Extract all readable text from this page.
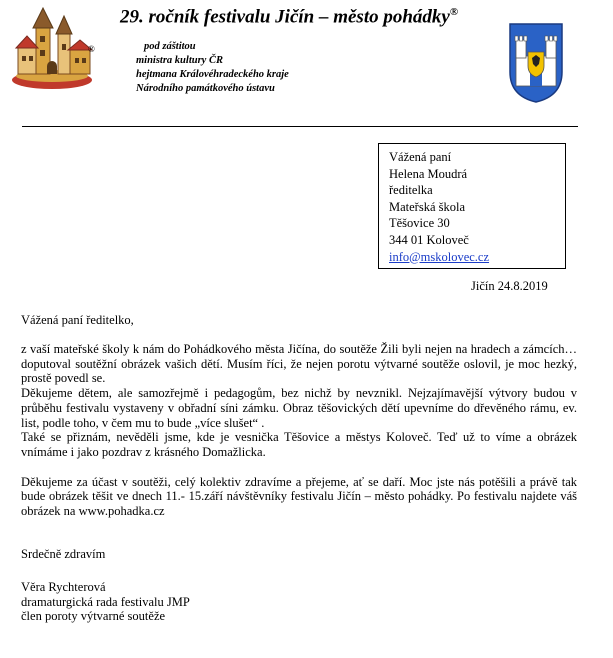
®
29. ročník festivalu Jičín – město pohádky®
pod záštitou
ministra kultury ČR
hejtmana Královéhradeckého kraje
Národního památkového ústavu
Vážená paní
Helena Moudrá
ředitelka
Mateřská škola
Těšovice 30
344 01 Koloveč
info@mskolovec.cz
Jičín 24.8.2019
Vážená paní ředitelko,

z vaší mateřské školy k nám do Pohádkového města Jičína, do soutěže Žili byli nejen na hradech a zámcích… doputoval soutěžní obrázek vašich dětí. Musím říci, že nejen porotu výtvarné soutěže oslovil, je moc hezký, prostě povedl se.

Děkujeme dětem, ale samozřejmě i pedagogům, bez nichž by nevznikl. Nejzajímavější výtvory budou v průběhu festivalu vystaveny v obřadní síni zámku. Obraz těšovických dětí upevníme do dřevěného rámu, ev. list, podle toho, v čem mu to bude „více slušet“ .

Také se přiznám, nevěděli jsme, kde je vesnička Těšovice a městys Koloveč. Teď už to víme a obrázek vnímáme i jako pozdrav z krásného Domažlicka.

Děkujeme za účast v soutěži, celý kolektiv zdravíme a přejeme, ať se daří. Moc jste nás potěšili a právě tak bude obrázek těšit ve dnech 11.- 15.září návštěvníky festivalu Jičín – město pohádky. Po festivalu najdete váš obrázek na www.pohadka.cz

Srdečně zdravím
Věra Rychterová
dramaturgická rada festivalu JMP
člen poroty výtvarné soutěže
